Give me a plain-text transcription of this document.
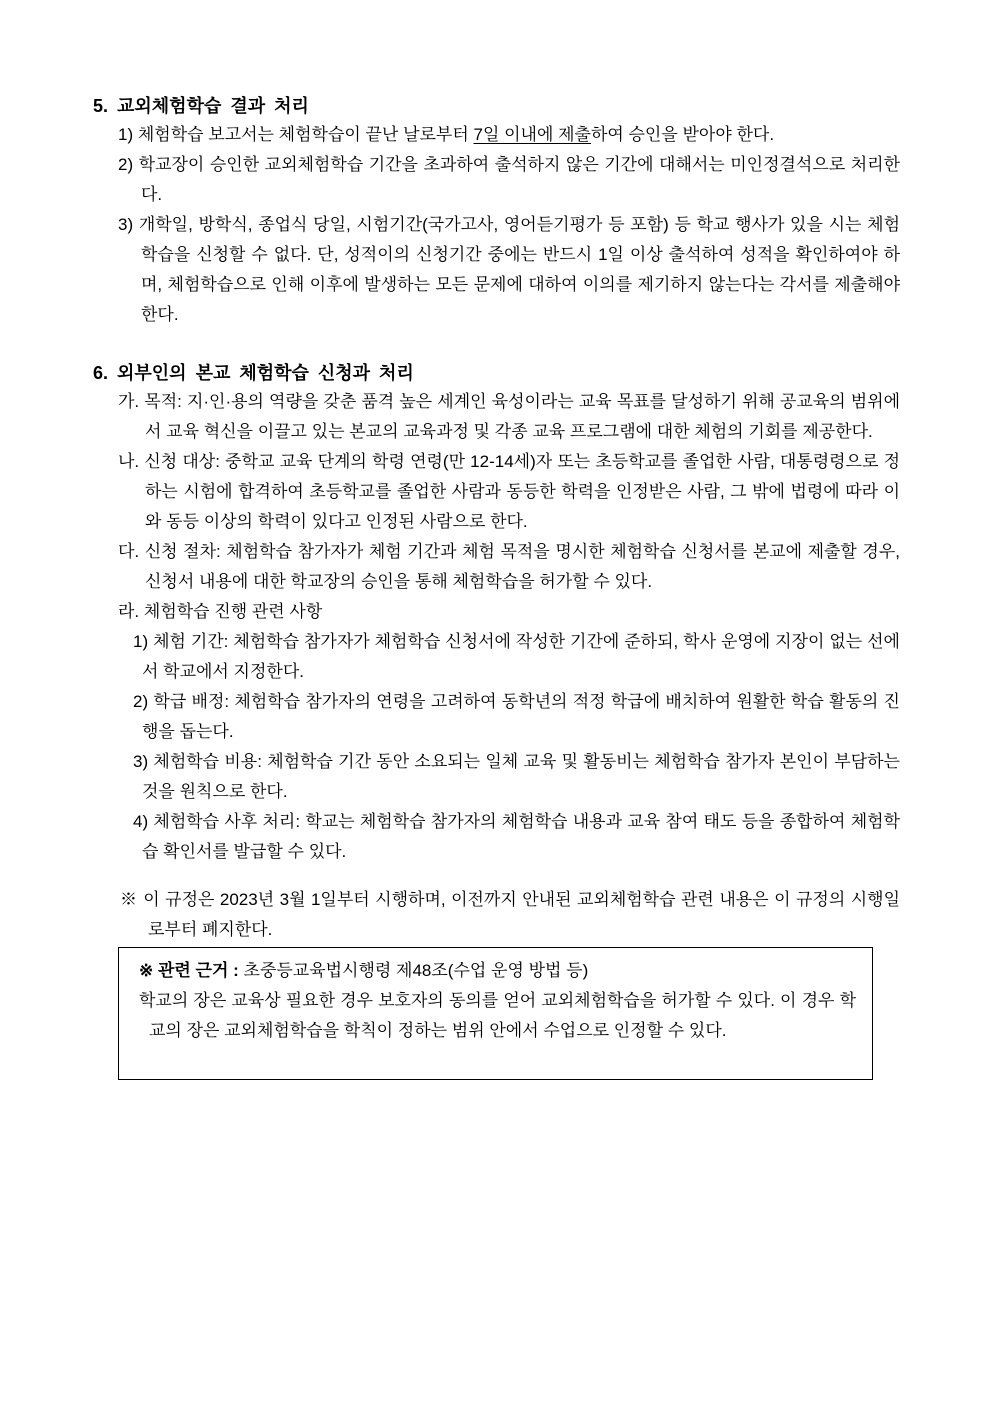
5. 교외체험학습 결과 처리
1) 체험학습 보고서는 체험학습이 끝난 날로부터 7일 이내에 제출하여 승인을 받아야 한다.
2) 학교장이 승인한 교외체험학습 기간을 초과하여 출석하지 않은 기간에 대해서는 미인정결석으로 처리한다.
3) 개학일, 방학식, 종업식 당일, 시험기간(국가고사, 영어듣기평가 등 포함) 등 학교 행사가 있을 시는 체험학습을 신청할 수 없다. 단, 성적이의 신청기간 중에는 반드시 1일 이상 출석하여 성적을 확인하여야 하며, 체험학습으로 인해 이후에 발생하는 모든 문제에 대하여 이의를 제기하지 않는다는 각서를 제출해야 한다.
6. 외부인의 본교 체험학습 신청과 처리
가. 목적: 지·인·용의 역량을 갖춘 품격 높은 세계인 육성이라는 교육 목표를 달성하기 위해 공교육의 범위에서 교육 혁신을 이끌고 있는 본교의 교육과정 및 각종 교육 프로그램에 대한 체험의 기회를 제공한다.
나. 신청 대상: 중학교 교육 단계의 학령 연령(만 12-14세)자 또는 초등학교를 졸업한 사람, 대통령령으로 정하는 시험에 합격하여 초등학교를 졸업한 사람과 동등한 학력을 인정받은 사람, 그 밖에 법령에 따라 이와 동등 이상의 학력이 있다고 인정된 사람으로 한다.
다. 신청 절차: 체험학습 참가자가 체험 기간과 체험 목적을 명시한 체험학습 신청서를 본교에 제출할 경우, 신청서 내용에 대한 학교장의 승인을 통해 체험학습을 허가할 수 있다.
라. 체험학습 진행 관련 사항
1) 체험 기간: 체험학습 참가자가 체험학습 신청서에 작성한 기간에 준하되, 학사 운영에 지장이 없는 선에서 학교에서 지정한다.
2) 학급 배정: 체험학습 참가자의 연령을 고려하여 동학년의 적정 학급에 배치하여 원활한 학습 활동의 진행을 돕는다.
3) 체험학습 비용: 체험학습 기간 동안 소요되는 일체 교육 및 활동비는 체험학습 참가자 본인이 부담하는 것을 원칙으로 한다.
4) 체험학습 사후 처리: 학교는 체험학습 참가자의 체험학습 내용과 교육 참여 태도 등을 종합하여 체험학습 확인서를 발급할 수 있다.
※ 이 규정은 2023년 3월 1일부터 시행하며, 이전까지 안내된 교외체험학습 관련 내용은 이 규정의 시행일로부터 폐지한다.
※ 관련 근거 : 초중등교육법시행령 제48조(수업 운영 방법 등)
학교의 장은 교육상 필요한 경우 보호자의 동의를 얻어 교외체험학습을 허가할 수 있다. 이 경우 학교의 장은 교외체험학습을 학칙이 정하는 범위 안에서 수업으로 인정할 수 있다.
